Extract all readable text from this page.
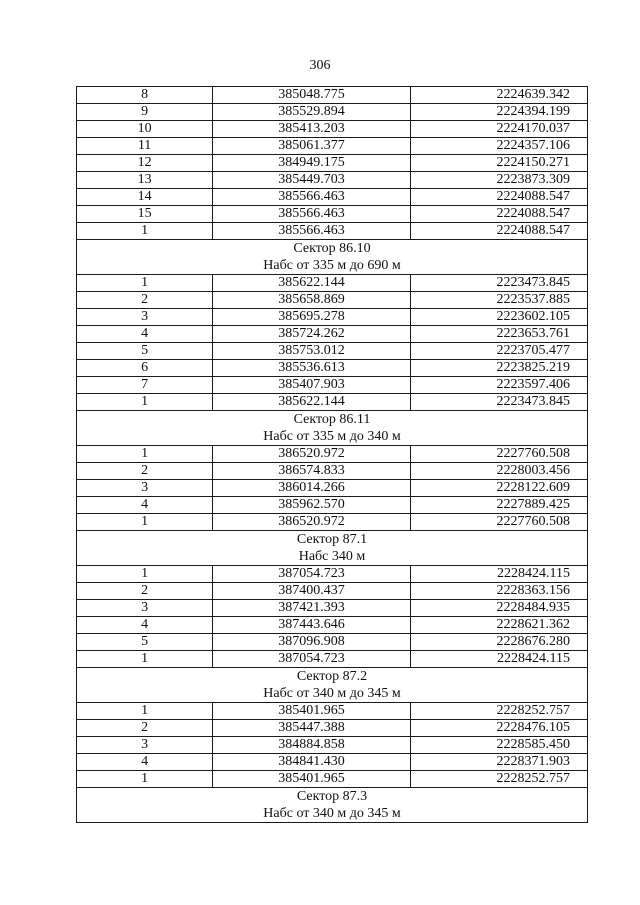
306
8	385048.775	2224639.342
9	385529.894	2224394.199
10	385413.203	2224170.037
11	385061.377	2224357.106
12	384949.175	2224150.271
13	385449.703	2223873.309
14	385566.463	2224088.547
15	385566.463	2224088.547
1	385566.463	2224088.547

Сектор 86.10
Набс от 335 м до 690 м		

1	385622.144	2223473.845
2	385658.869	2223537.885
3	385695.278	2223602.105
4	385724.262	2223653.761
5	385753.012	2223705.477
6	385536.613	2223825.219
7	385407.903	2223597.406
1	385622.144	2223473.845

Сектор 86.11
Набс от 335 м до 340 м		

1	386520.972	2227760.508
2	386574.833	2228003.456
3	386014.266	2228122.609
4	385962.570	2227889.425
1	386520.972	2227760.508

Сектор 87.1
Набс 340 м		

1	387054.723	2228424.115
2	387400.437	2228363.156
3	387421.393	2228484.935
4	387443.646	2228621.362
5	387096.908	2228676.280
1	387054.723	2228424.115

Сектор 87.2
Набс от 340 м до 345 м		

1	385401.965	2228252.757
2	385447.388	2228476.105
3	384884.858	2228585.450
4	384841.430	2228371.903
1	385401.965	2228252.757

Сектор 87.3
Набс от 340 м до 345 м		
